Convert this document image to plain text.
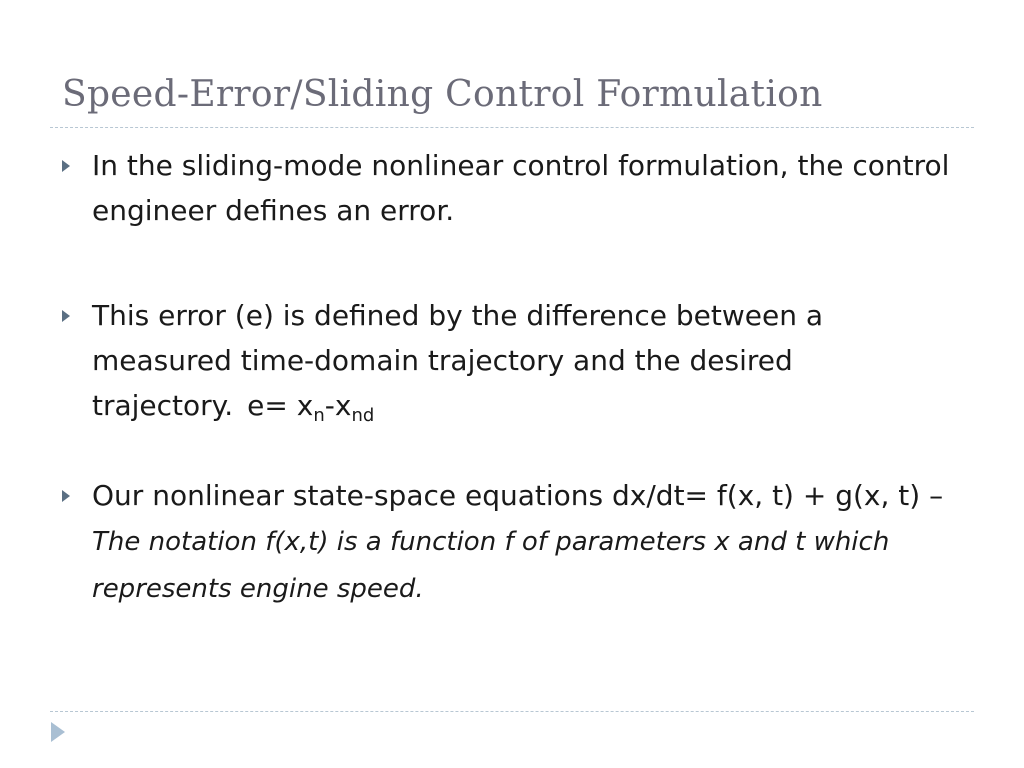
Speed-Error/Sliding Control Formulation
In the sliding-mode nonlinear control formulation, the control engineer defines an error.
This error (e) is defined by the difference between a measured time-domain trajectory and the desired trajectory. $e= x_n-x_{nd}$
Our nonlinear state-space equations dx/dt= f(x, t) + g(x, t) – The notation f(x,t) is a function f of parameters x and t which represents engine speed.
